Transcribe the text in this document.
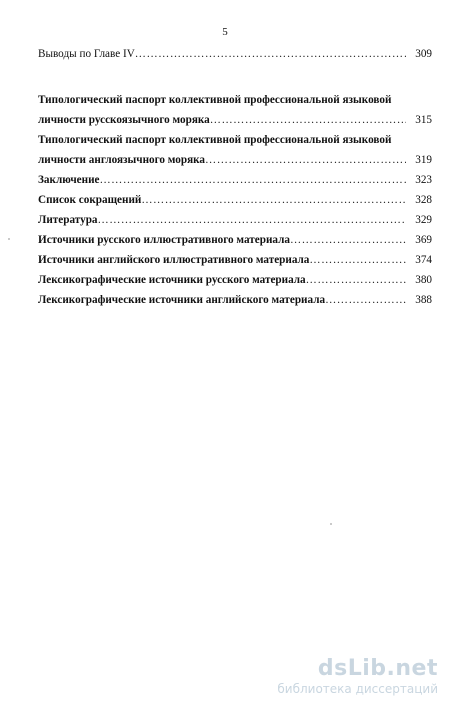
5
Выводы по Главе IV …………………………………………………………………………………………………………………………………………………………………………………	309
Типологический паспорт коллективной профессиональной языковой
личности русскоязычного моряка …………………………………………………………………………………………………………………………………………………………………………………	315
Типологический паспорт коллективной профессиональной языковой
личности англоязычного моряка …………………………………………………………………………………………………………………………………………………………………………………	319
Заключение …………………………………………………………………………………………………………………………………………………………………………………	323
Список сокращений …………………………………………………………………………………………………………………………………………………………………………………	328
Литература …………………………………………………………………………………………………………………………………………………………………………………	329
Источники русского иллюстративного материала …………………………………………………………………………………………………………………………………………………………………………………	369
Источники английского иллюстративного материала …………………………………………………………………………………………………………………………………………………………………………………	374
Лексикографические источники русского материала …………………………………………………………………………………………………………………………………………………………………………………	380
Лексикографические источники английского материала …………………………………………………………………………………………………………………………………………………………………………………	388
dsLib.net
библиотека диссертаций
